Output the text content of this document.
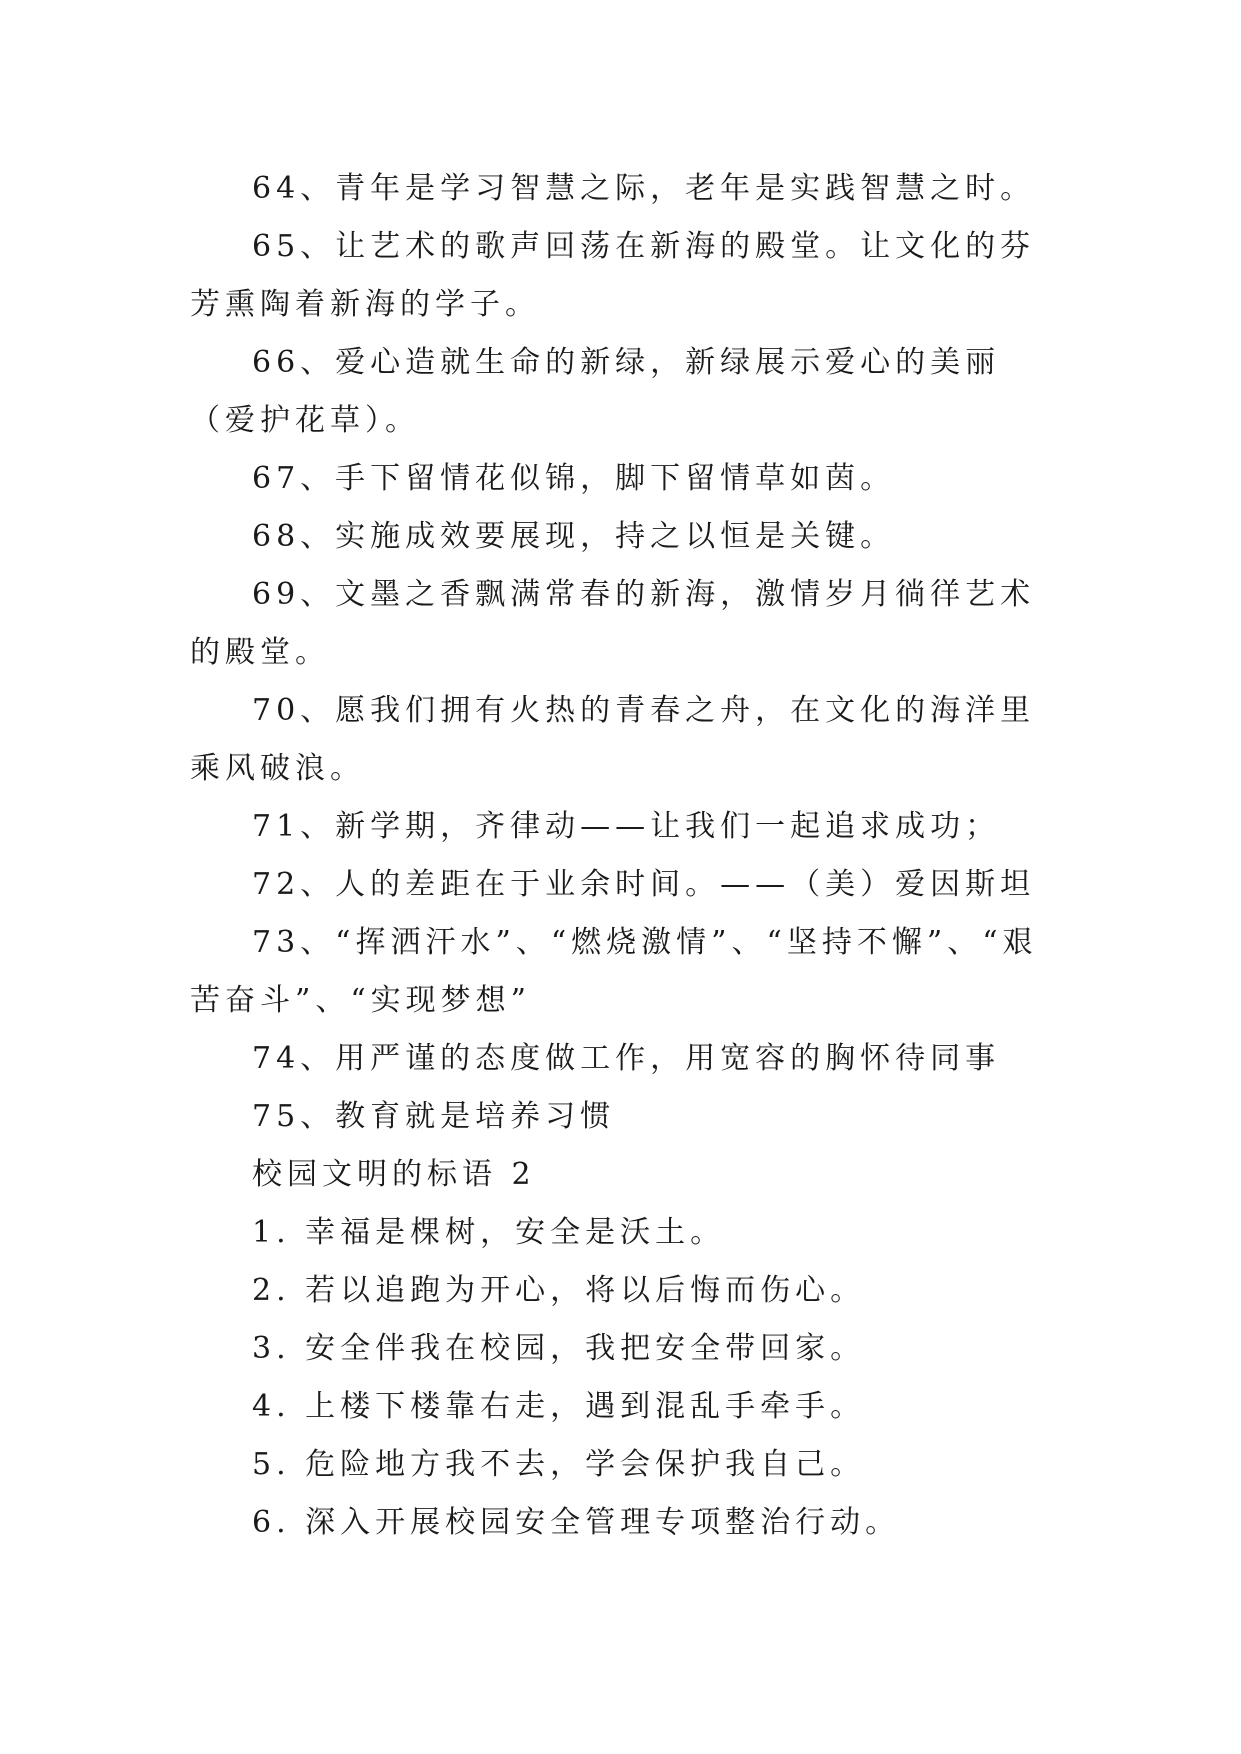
64、青年是学习智慧之际，老年是实践智慧之时。

65、让艺术的歌声回荡在新海的殿堂。让文化的芬芳熏陶着新海的学子。

66、爱心造就生命的新绿，新绿展示爱心的美丽（爱护花草）。

67、手下留情花似锦，脚下留情草如茵。

68、实施成效要展现，持之以恒是关键。

69、文墨之香飘满常春的新海，激情岁月徜徉艺术的殿堂。

70、愿我们拥有火热的青春之舟，在文化的海洋里乘风破浪。

71、新学期，齐律动——让我们一起追求成功；

72、人的差距在于业余时间。——（美）爱因斯坦

73、“挥洒汗水”、“燃烧激情”、“坚持不懈”、“艰苦奋斗”、“实现梦想”

74、用严谨的态度做工作，用宽容的胸怀待同事

75、教育就是培养习惯

校园文明的标语 2

1. 幸福是棵树，安全是沃土。

2. 若以追跑为开心，将以后悔而伤心。

3. 安全伴我在校园，我把安全带回家。

4. 上楼下楼靠右走，遇到混乱手牵手。

5. 危险地方我不去，学会保护我自己。

6. 深入开展校园安全管理专项整治行动。
